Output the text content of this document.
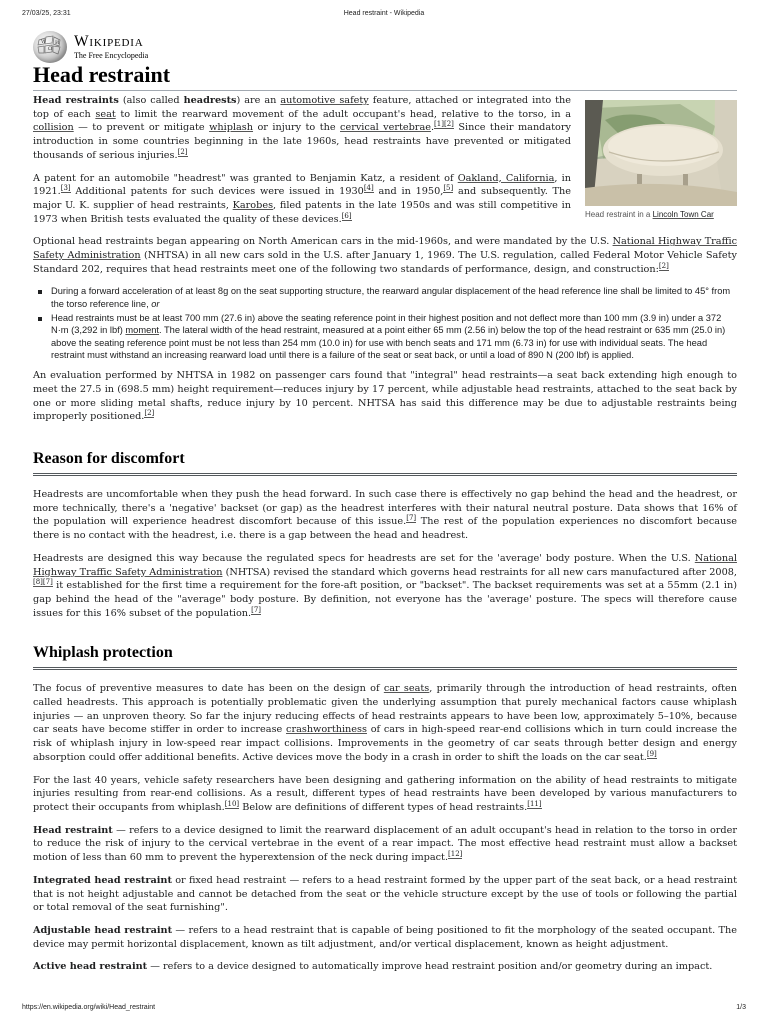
27/03/25, 23:31	Head restraint - Wikipedia
W
Ω
И Wikipedia
The Free Encyclopedia
Head restraint
Head restraint in a Lincoln Town Car

Head restraints (also called headrests) are an automotive safety feature, attached or integrated into the top of each seat to limit the rearward movement of the adult occupant's head, relative to the torso, in a collision — to prevent or mitigate whiplash or injury to the cervical vertebrae.[1][2] Since their mandatory introduction in some countries beginning in the late 1960s, head restraints have prevented or mitigated thousands of serious injuries.[2]

A patent for an automobile "headrest" was granted to Benjamin Katz, a resident of Oakland, California, in 1921.[3] Additional patents for such devices were issued in 1930[4] and in 1950,[5] and subsequently. The major U. K. supplier of head restraints, Karobes, filed patents in the late 1950s and was still competitive in 1973 when British tests evaluated the quality of these devices.[6]

Optional head restraints began appearing on North American cars in the mid-1960s, and were mandated by the U.S. National Highway Traffic Safety Administration (NHTSA) in all new cars sold in the U.S. after January 1, 1969. The U.S. regulation, called Federal Motor Vehicle Safety Standard 202, requires that head restraints meet one of the following two standards of performance, design, and construction:[2]

During a forward acceleration of at least 8g on the seat supporting structure, the rearward angular displacement of the head reference line shall be limited to 45° from the torso reference line, or
Head restraints must be at least 700 mm (27.6 in) above the seating reference point in their highest position and not deflect more than 100 mm (3.9 in) under a 372 N·m (3,292 in lbf) moment. The lateral width of the head restraint, measured at a point either 65 mm (2.56 in) below the top of the head restraint or 635 mm (25.0 in) above the seating reference point must be not less than 254 mm (10.0 in) for use with bench seats and 171 mm (6.73 in) for use with individual seats. The head restraint must withstand an increasing rearward load until there is a failure of the seat or seat back, or until a load of 890 N (200 lbf) is applied.

An evaluation performed by NHTSA in 1982 on passenger cars found that "integral" head restraints—a seat back extending high enough to meet the 27.5 in (698.5 mm) height requirement—reduces injury by 17 percent, while adjustable head restraints, attached to the seat back by one or more sliding metal shafts, reduce injury by 10 percent. NHTSA has said this difference may be due to adjustable restraints being improperly positioned.[2]

Reason for discomfort

Headrests are uncomfortable when they push the head forward. In such case there is effectively no gap behind the head and the headrest, or more technically, there's a 'negative' backset (or gap) as the headrest interferes with their natural neutral posture. Data shows that 16% of the population will experience headrest discomfort because of this issue.[7] The rest of the population experiences no discomfort because there is no contact with the headrest, i.e. there is a gap between the head and headrest.

Headrests are designed this way because the regulated specs for headrests are set for the 'average' body posture. When the U.S. National Highway Traffic Safety Administration (NHTSA) revised the standard which governs head restraints for all new cars manufactured after 2008,[8][7] it established for the first time a requirement for the fore-aft position, or "backset". The backset requirements was set at a 55mm (2.1 in) gap behind the head of the "average" body posture. By definition, not everyone has the 'average' posture. The specs will therefore cause issues for this 16% subset of the population.[7]

Whiplash protection

The focus of preventive measures to date has been on the design of car seats, primarily through the introduction of head restraints, often called headrests. This approach is potentially problematic given the underlying assumption that purely mechanical factors cause whiplash injuries — an unproven theory. So far the injury reducing effects of head restraints appears to have been low, approximately 5–10%, because car seats have become stiffer in order to increase crashworthiness of cars in high-speed rear-end collisions which in turn could increase the risk of whiplash injury in low-speed rear impact collisions. Improvements in the geometry of car seats through better design and energy absorption could offer additional benefits. Active devices move the body in a crash in order to shift the loads on the car seat.[9]

For the last 40 years, vehicle safety researchers have been designing and gathering information on the ability of head restraints to mitigate injuries resulting from rear-end collisions. As a result, different types of head restraints have been developed by various manufacturers to protect their occupants from whiplash.[10] Below are definitions of different types of head restraints.[11]

Head restraint — refers to a device designed to limit the rearward displacement of an adult occupant's head in relation to the torso in order to reduce the risk of injury to the cervical vertebrae in the event of a rear impact. The most effective head restraint must allow a backset motion of less than 60 mm to prevent the hyperextension of the neck during impact.[12]

Integrated head restraint or fixed head restraint — refers to a head restraint formed by the upper part of the seat back, or a head restraint that is not height adjustable and cannot be detached from the seat or the vehicle structure except by the use of tools or following the partial or total removal of the seat furnishing".

Adjustable head restraint — refers to a head restraint that is capable of being positioned to fit the morphology of the seated occupant. The device may permit horizontal displacement, known as tilt adjustment, and/or vertical displacement, known as height adjustment.

Active head restraint — refers to a device designed to automatically improve head restraint position and/or geometry during an impact.

https://en.wikipedia.org/wiki/Head_restraint	1/3
